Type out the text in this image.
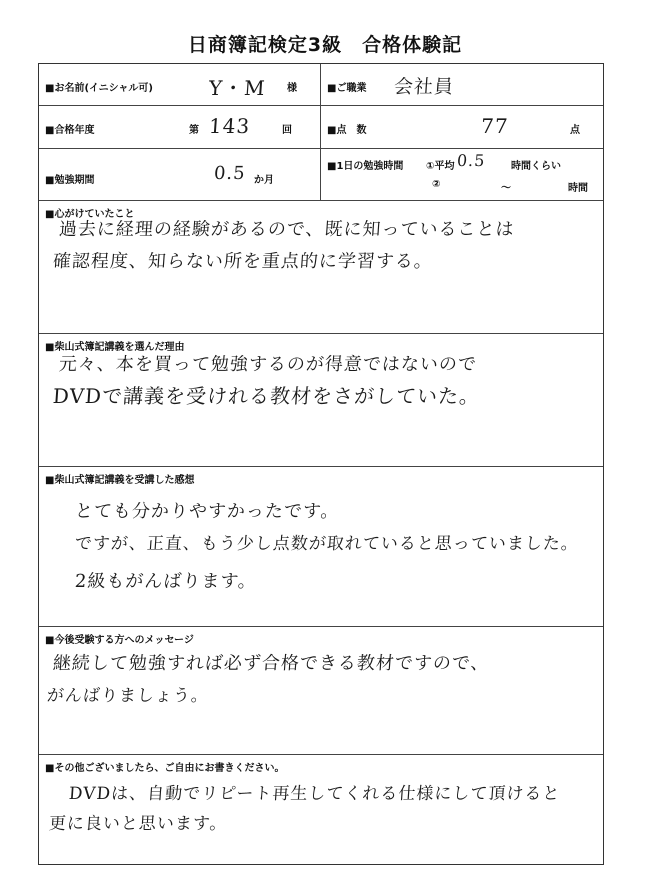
日商簿記検定3級　合格体験記
■お名前(イニシャル可)	Y・M 様	■ご職業 会社員
■合格年度	第 143	回	■点　数	77	点
■勉強期間	0.5 か月
■1日の勉強時間 ①平均 0.5 時間くらい
②	～	時間
■心がけていたこと
過去に経理の経験があるので、既に知っていることは
確認程度、知らない所を重点的に学習する。
■柴山式簿記講義を選んだ理由
元々、本を買って勉強するのが得意ではないので
DVDで講義を受けれる教材をさがしていた。
■柴山式簿記講義を受講した感想
とても分かりやすかったです。
ですが、正直、もう少し点数が取れていると思っていました。
2級もがんばります。
■今後受験する方へのメッセージ
継続して勉強すれば必ず合格できる教材ですので、
がんばりましょう。
■その他ございましたら、ご自由にお書きください。
DVDは、自動でリピート再生してくれる仕様にして頂けると
更に良いと思います。
